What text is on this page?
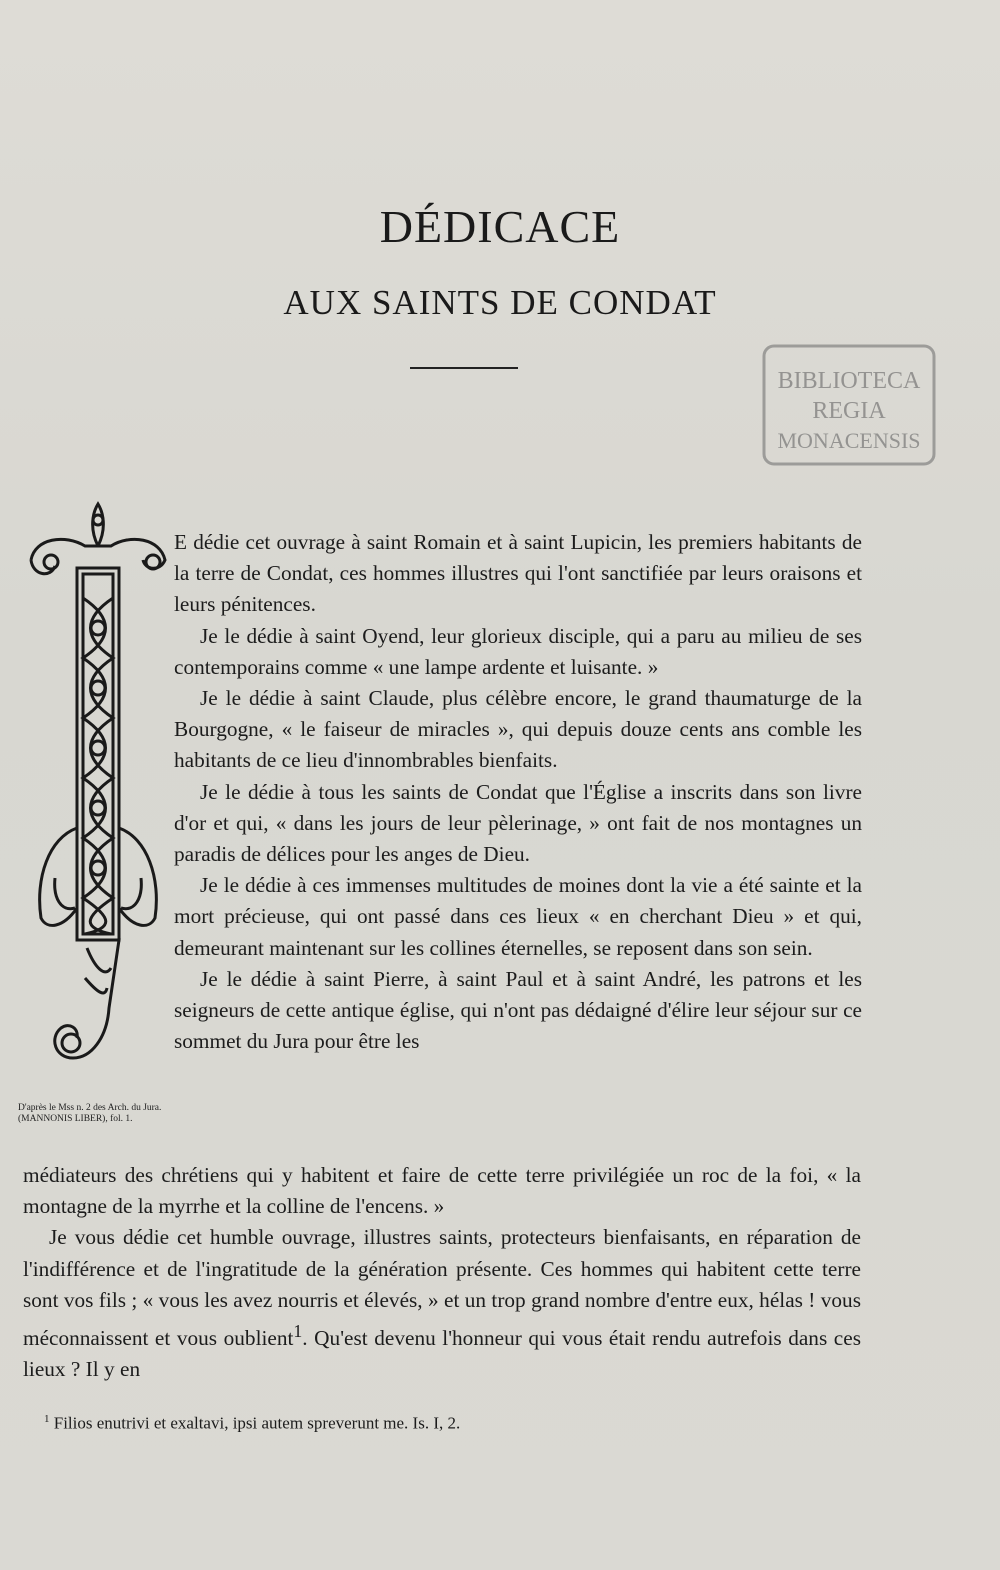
DÉDICACE
AUX SAINTS DE CONDAT
BIBLIOTECA
REGIA
MONACENSIS
D'après le Mss n. 2 des Arch. du Jura. (MANNONIS LIBER), fol. 1.

E dédie cet ouvrage à saint Romain et à saint Lupicin, les premiers habitants de la terre de Condat, ces hommes illustres qui l'ont sanctifiée par leurs oraisons et leurs pénitences.

Je le dédie à saint Oyend, leur glorieux disciple, qui a paru au milieu de ses contemporains comme « une lampe ardente et luisante. »

Je le dédie à saint Claude, plus célèbre encore, le grand thaumaturge de la Bourgogne, « le faiseur de miracles », qui depuis douze cents ans comble les habitants de ce lieu d'innombrables bienfaits.

Je le dédie à tous les saints de Condat que l'Église a inscrits dans son livre d'or et qui, « dans les jours de leur pèlerinage, » ont fait de nos montagnes un paradis de délices pour les anges de Dieu.

Je le dédie à ces immenses multitudes de moines dont la vie a été sainte et la mort précieuse, qui ont passé dans ces lieux « en cherchant Dieu » et qui, demeurant maintenant sur les collines éternelles, se reposent dans son sein.

Je le dédie à saint Pierre, à saint Paul et à saint André, les patrons et les seigneurs de cette antique église, qui n'ont pas dédaigné d'élire leur séjour sur ce sommet du Jura pour être les

médiateurs des chrétiens qui y habitent et faire de cette terre privilégiée un roc de la foi, « la montagne de la myrrhe et la colline de l'encens. »

Je vous dédie cet humble ouvrage, illustres saints, protecteurs bienfaisants, en réparation de l'indifférence et de l'ingratitude de la génération présente. Ces hommes qui habitent cette terre sont vos fils ; « vous les avez nourris et élevés, » et un trop grand nombre d'entre eux, hélas ! vous méconnaissent et vous oublient$^1$. Qu'est devenu l'honneur qui vous était rendu autrefois dans ces lieux ? Il y en

$^1$ Filios enutrivi et exaltavi, ipsi autem spreverunt me. Is. I, 2.
